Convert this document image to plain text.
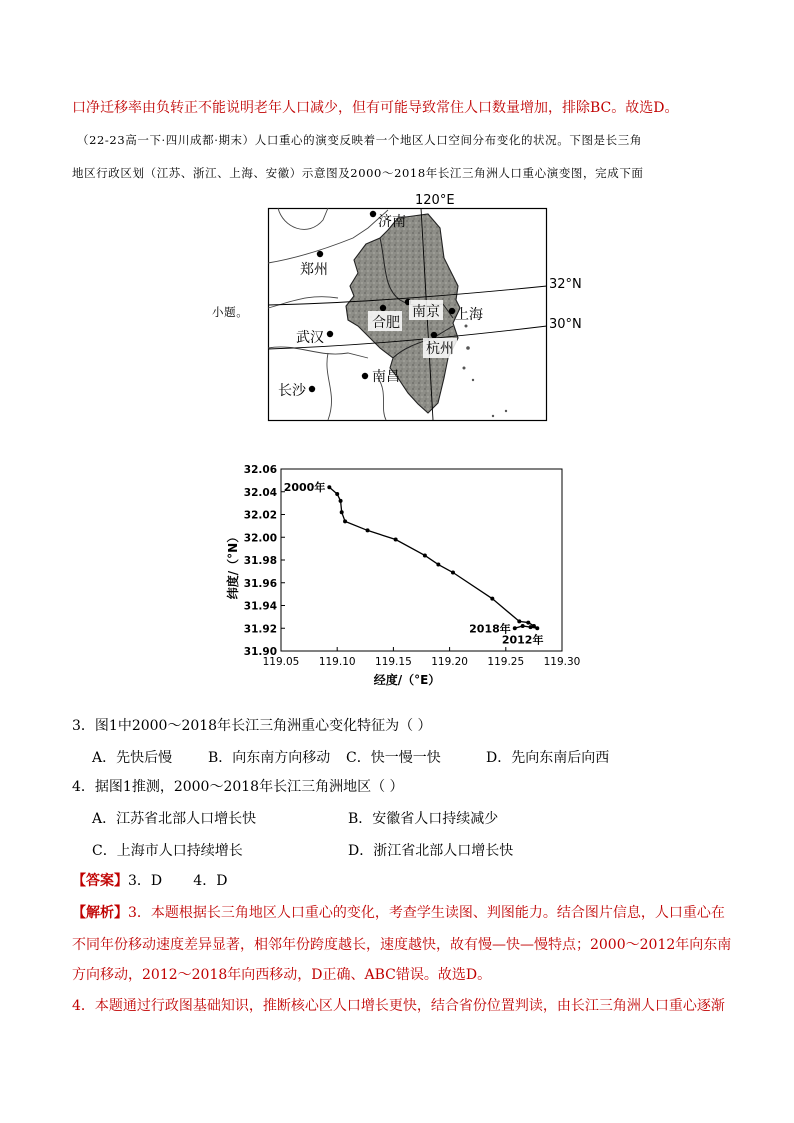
口净迁移率由负转正不能说明老年人口减少，但有可能导致常住人口数量增加，排除BC。故选D。
（22-23高一下·四川成都·期末）人口重心的演变反映着一个地区人口空间分布变化的状况。下图是长三角
地区行政区划（江苏、浙江、上海、安徽）示意图及2000～2018年长江三角洲人口重心演变图，完成下面
小题。
济南
郑州
武汉
长沙
南昌
合肥
南京 上海
杭州
120°E
32°N
30°N
纬度/（°N）
经度/（°E）
119.05 119.10 119.15 119.20 119.25 119.30
31.90
31.92
31.94
31.96
31.98
32.00
32.02
32.04
32.06
2000年
2018年
2012年
3．图1中2000～2018年长江三角洲重心变化特征为（ ）
A．先快后慢	B．向东南方向移动 C．快一慢一快	D．先向东南后向西
4．据图1推测，2000～2018年长江三角洲地区（ ）
A．江苏省北部人口增长快	B．安徽省人口持续减少
C．上海市人口持续增长	D．浙江省北部人口增长快
【答案】3．D       4．D
【解析】3．本题根据长三角地区人口重心的变化，考查学生读图、判图能力。结合图片信息，人口重心在
不同年份移动速度差异显著，相邻年份跨度越长，速度越快，故有慢—快—慢特点；2000～2012年向东南
方向移动，2012～2018年向西移动，D正确、ABC错误。故选D。
4．本题通过行政图基础知识，推断核心区人口增长更快，结合省份位置判读，由长江三角洲人口重心逐渐
